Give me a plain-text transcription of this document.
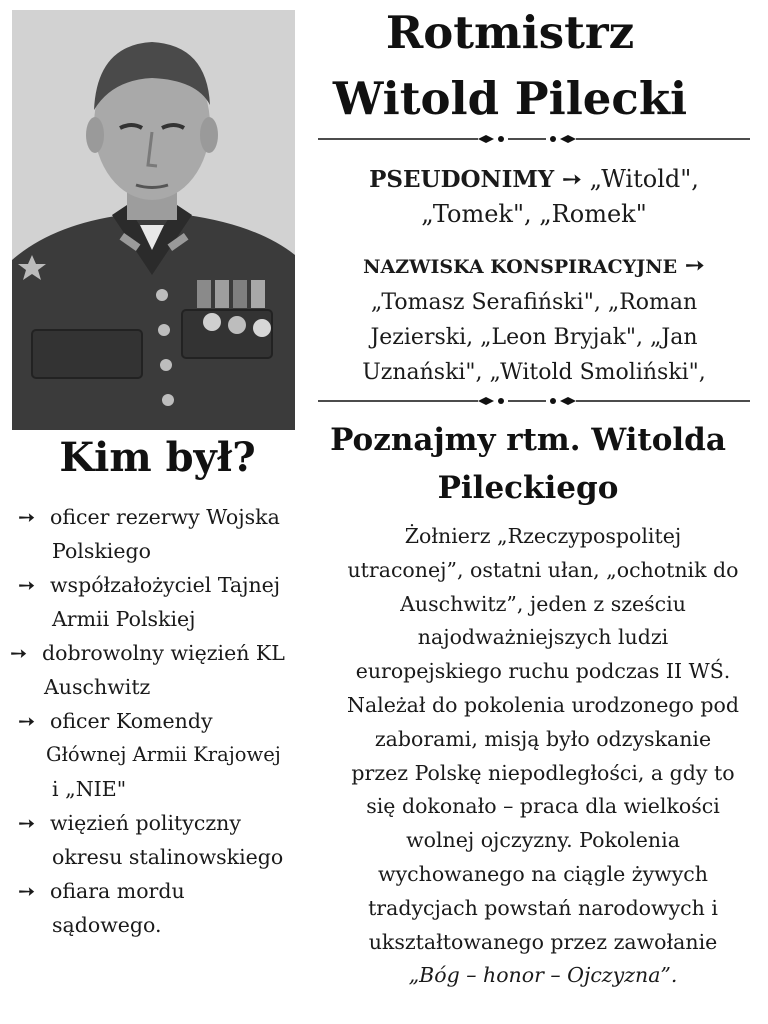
Rotmistrz
Witold Pilecki
PSEUDONIMY ➙ „Witold",
„Tomek", „Romek"
NAZWISKA KONSPIRACYJNE ➙
„Tomasz Serafiński", „Roman
Jezierski, „Leon Bryjak", „Jan
Uznański", „Witold Smoliński",
Poznajmy rtm. Witolda
Pileckiego
Żołnierz „Rzeczypospolitej
utraconej”, ostatni ułan, „ochotnik do
Auschwitz”, jeden z sześciu
najodważniejszych ludzi
europejskiego ruchu podczas II WŚ.
Należał do pokolenia urodzonego pod
zaborami, misją było odzyskanie
przez Polskę niepodległości, a gdy to
się dokonało – praca dla wielkości
wolnej ojczyzny. Pokolenia
wychowanego na ciągle żywych
tradycjach powstań narodowych i
ukształtowanego przez zawołanie
„Bóg – honor – Ojczyzna”.
Kim był?
➙ oficer rezerwy Wojska
Polskiego
➙ współzałożyciel Tajnej
Armii Polskiej
➙ dobrowolny więzień KL
Auschwitz
➙ oficer Komendy
Głównej Armii Krajowej
i „NIE"
➙ więzień polityczny
okresu stalinowskiego
➙ ofiara mordu
sądowego.
